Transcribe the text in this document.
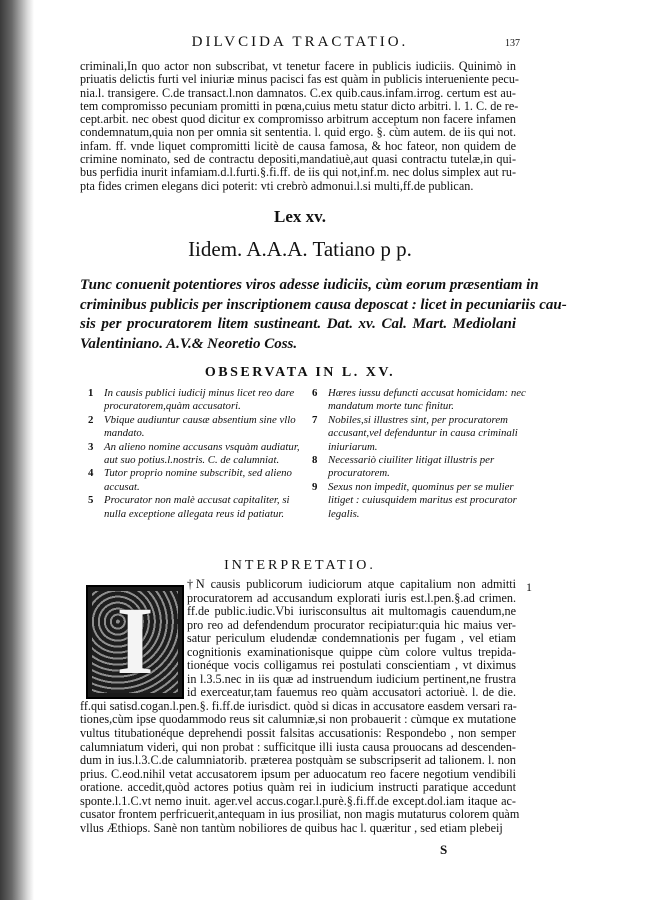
DILVCIDA TRACTATIO.	137
criminali,In quo actor non subscribat, vt tenetur facere in publicis iudiciis. Quinimò in
priuatis delictis furti vel iniuriæ minus pacisci fas est quàm in publicis interueniente pecu-
nia.l. transigere. C.de transact.l.non damnatos. C.ex quib.caus.infam.irrog. certum est au-
tem compromisso pecuniam promitti in pœna,cuius metu statur dicto arbitri. l. 1. C. de re-
cept.arbit. nec obest quod dicitur ex compromisso arbitrum acceptum non facere infamen
condemnatum,quia non per omnia sit sententia. l. quid ergo. §. cùm autem. de iis qui not.
infam. ff. vnde liquet compromitti licitè de causa famosa, & hoc fateor, non quidem de
crimine nominato, sed de contractu depositi,mandatiuè,aut quasi contractu tutelæ,in qui-
bus perfidia inurit infamiam.d.l.furti.§.fi.ff. de iis qui not,inf.m. nec dolus simplex aut ru-
pta fides crimen elegans dici poterit: vti crebrò admonui.l.si multi,ff.de publican.
Lex xv.
Iidem. A.A.A. Tatiano p p.
Tunc conuenit potentiores viros adesse iudiciis, cùm eorum præsentiam in
criminibus publicis per inscriptionem causa deposcat : licet in pecuniariis cau-
sis per procuratorem litem sustineant. Dat. xv. Cal. Mart. Mediolani
Valentiniano. A.V.& Neoretio Coss.
OBSERVATA IN L. XV.
1 In causis publici iudicij minus licet reo dare procuratorem,quàm accusatori.
2 Vbique audiuntur causæ absentium sine vllo mandato.
3 An alieno nomine accusans vsquàm audiatur, aut suo potius.l.nostris. C. de calumniat.
4 Tutor proprio nomine subscribit, sed alieno accusat.
5 Procurator non malè accusat capitaliter, si nulla exceptione allegata reus id patiatur.
6 Hæres iussu defuncti accusat homicidam: nec mandatum morte tunc finitur.
7 Nobiles,si illustres sint, per procuratorem accusant,vel defenduntur in causa criminali iniuriarum.
8 Necessariò ciuiliter litigat illustris per procuratorem.
9 Sexus non impedit, quominus per se mulier litiget : cuiusquidem maritus est procurator legalis.
INTERPRETATIO.
I
†N causis publicorum iudiciorum atque capitalium non admitti
procuratorem ad accusandum explorati iuris est.l.pen.§.ad crimen.
ff.de public.iudic.Vbi iurisconsultus ait multomagis cauendum,ne
pro reo ad defendendum procurator recipiatur:quia hic maius ver-
satur periculum eludendæ condemnationis per fugam , vel etiam
cognitionis examinationisque quippe cùm colore vultus trepida-
tionéque vocis colligamus rei postulati conscientiam , vt diximus
in l.3.5.nec in iis quæ ad instruendum iudicium pertinent,ne frustra
id exerceatur,tam fauemus reo quàm accusatori actoriuè. l. de die.
ff.qui satisd.cogan.l.pen.§. fi.ff.de iurisdict. quòd si dicas in accusatore easdem versari ra-
tiones,cùm ipse quodammodo reus sit calumniæ,si non probauerit : cùmque ex mutatione
vultus titubationéque deprehendi possit falsitas accusationis: Respondebo , non semper
calumniatum videri, qui non probat : sufficitque illi iusta causa prouocans ad descenden-
dum in ius.l.3.C.de calumniatorib. præterea postquàm se subscripserit ad talionem. l. non
prius. C.eod.nihil vetat accusatorem ipsum per aduocatum reo facere negotium vendibili
oratione. accedit,quòd actores potius quàm rei in iudicium instructi paratique accedunt
sponte.l.1.C.vt nemo inuit. ager.vel accus.cogar.l.purè.§.fi.ff.de except.dol.iam itaque ac-
cusator frontem perfricuerit,antequam in ius prosiliat, non magis mutaturus colorem quàm
vllus Æthiops. Sanè non tantùm nobiliores de quibus hac l. quæritur , sed etiam plebeij
1
S
